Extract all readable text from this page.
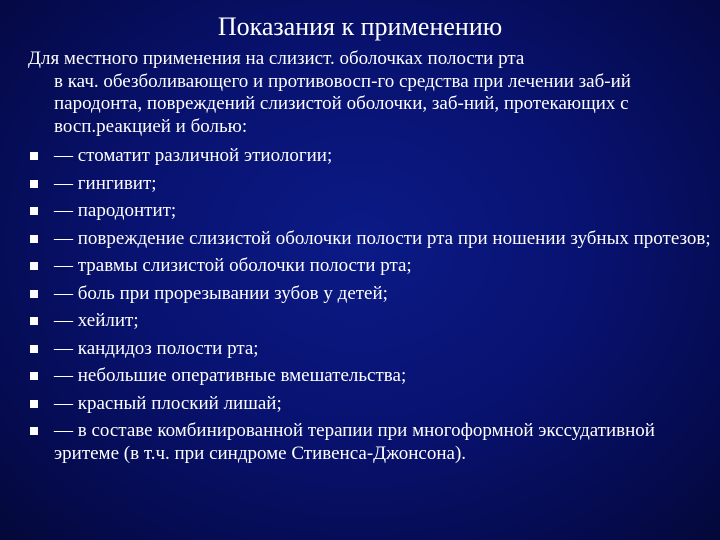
Показания к применению
Для местного применения на слизист. оболочках полости рта
в кач. обезболивающего и противовосп-го средства при лечении заб-ий пародонта, повреждений слизистой оболочки, заб-ний, протекающих с восп.реакцией и болью:
— стоматит различной этиологии;
— гингивит;
— пародонтит;
— повреждение слизистой оболочки полости рта при ношении зубных протезов;
— травмы слизистой оболочки полости рта;
— боль при прорезывании зубов у детей;
— хейлит;
— кандидоз полости рта;
— небольшие оперативные вмешательства;
— красный плоский лишай;
— в составе комбинированной терапии при многоформной экссудативной эритеме (в т.ч. при синдроме Стивенса-Джонсона).
